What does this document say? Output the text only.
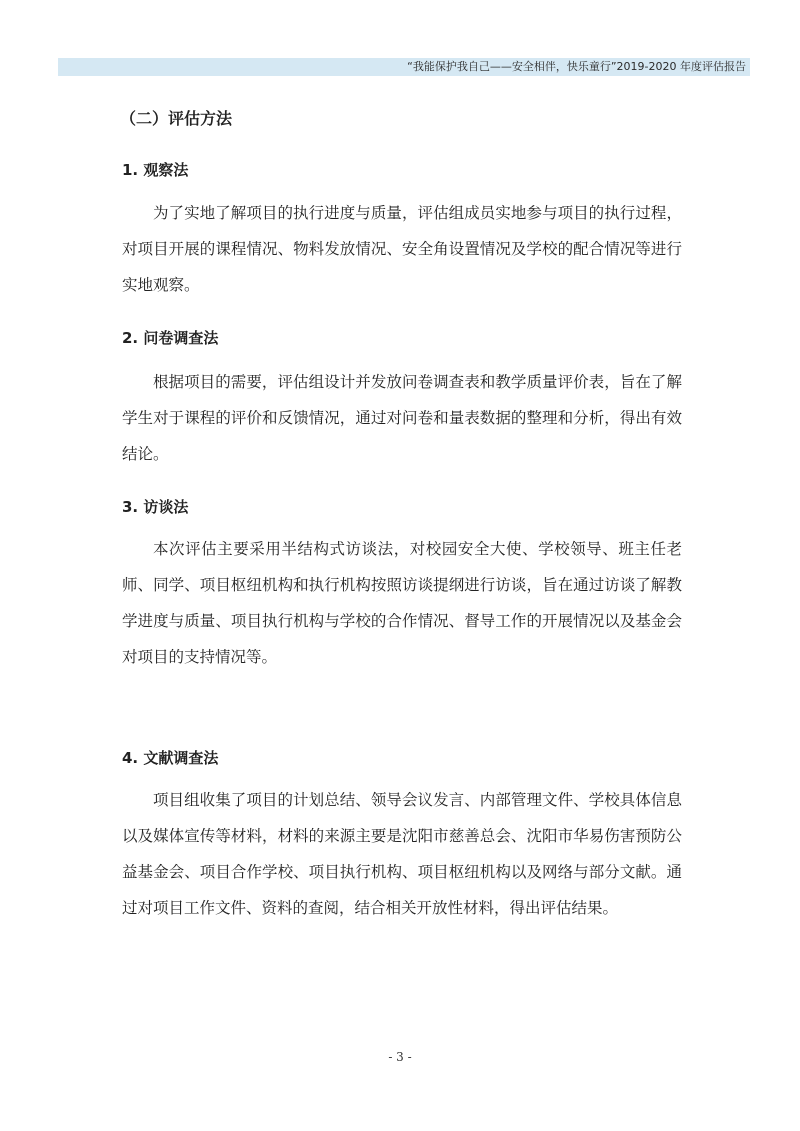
“我能保护我自己——安全相伴，快乐童行”2019-2020 年度评估报告
（二）评估方法
1. 观察法

为了实地了解项目的执行进度与质量，评估组成员实地参与项目的执行过程，对项目开展的课程情况、物料发放情况、安全角设置情况及学校的配合情况等进行实地观察。

2. 问卷调查法

根据项目的需要，评估组设计并发放问卷调查表和教学质量评价表，旨在了解学生对于课程的评价和反馈情况，通过对问卷和量表数据的整理和分析，得出有效结论。

3. 访谈法

本次评估主要采用半结构式访谈法，对校园安全大使、学校领导、班主任老师、同学、项目枢纽机构和执行机构按照访谈提纲进行访谈，旨在通过访谈了解教学进度与质量、项目执行机构与学校的合作情况、督导工作的开展情况以及基金会对项目的支持情况等。

4. 文献调查法

项目组收集了项目的计划总结、领导会议发言、内部管理文件、学校具体信息以及媒体宣传等材料，材料的来源主要是沈阳市慈善总会、沈阳市华易伤害预防公益基金会、项目合作学校、项目执行机构、项目枢纽机构以及网络与部分文献。通过对项目工作文件、资料的查阅，结合相关开放性材料，得出评估结果。

- 3 -
